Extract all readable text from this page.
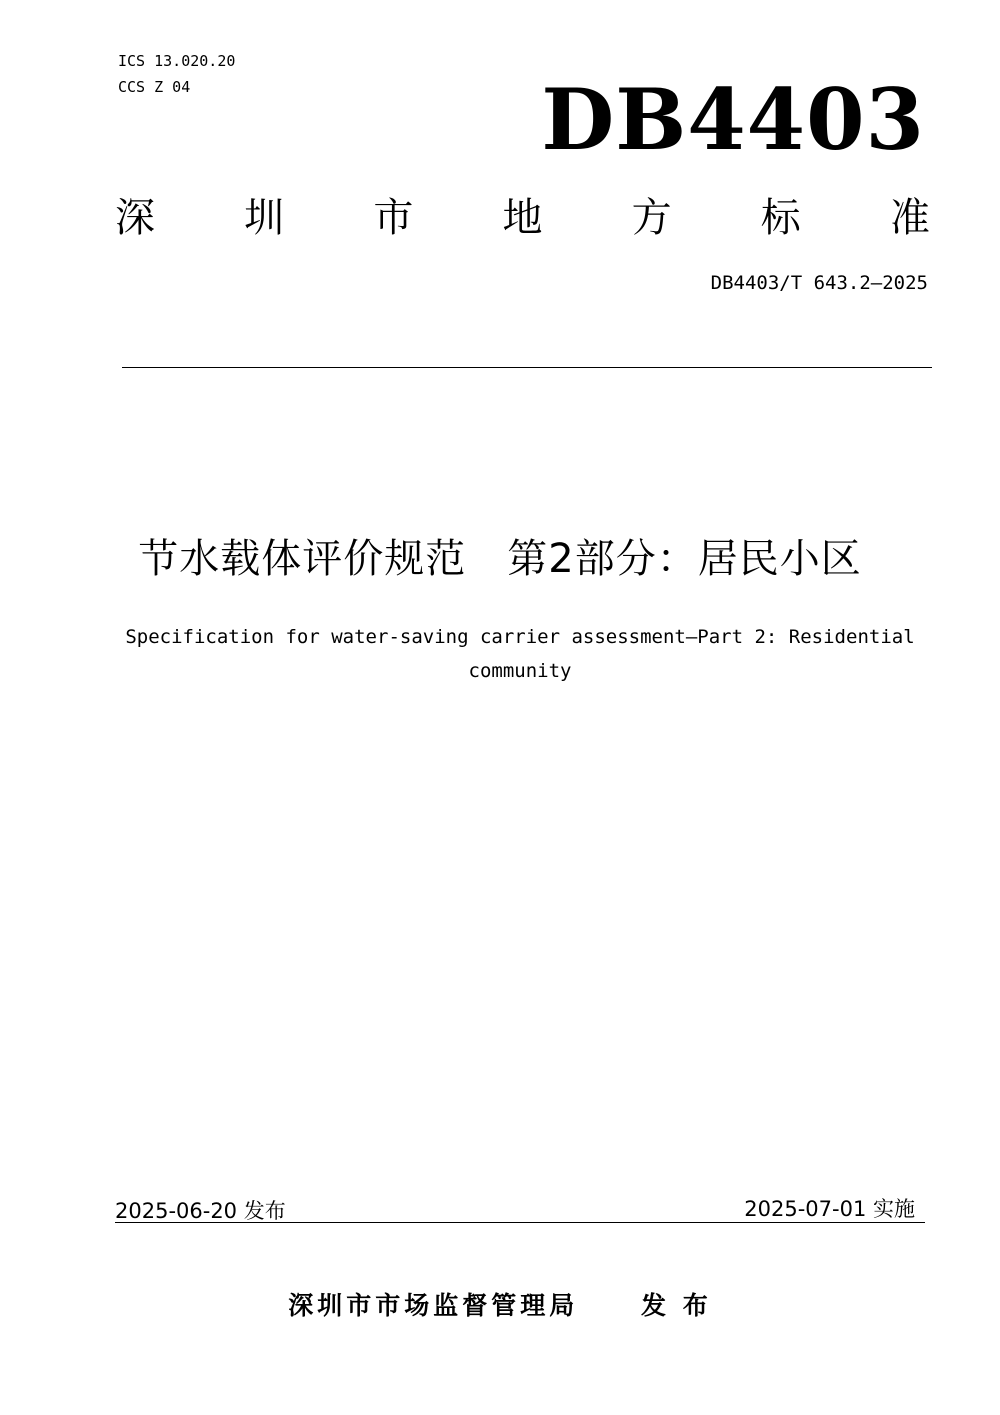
ICS 13.020.20
CCS Z 04	DB4403
深 圳 市 地 方 标 准
DB4403/T 643.2—2025
节水载体评价规范　第2部分：居民小区
Specification for water-saving carrier assessment—Part 2: Residential community
2025-06-20 发布	2025-07-01 实施
深圳市市场监督管理局	发 布
